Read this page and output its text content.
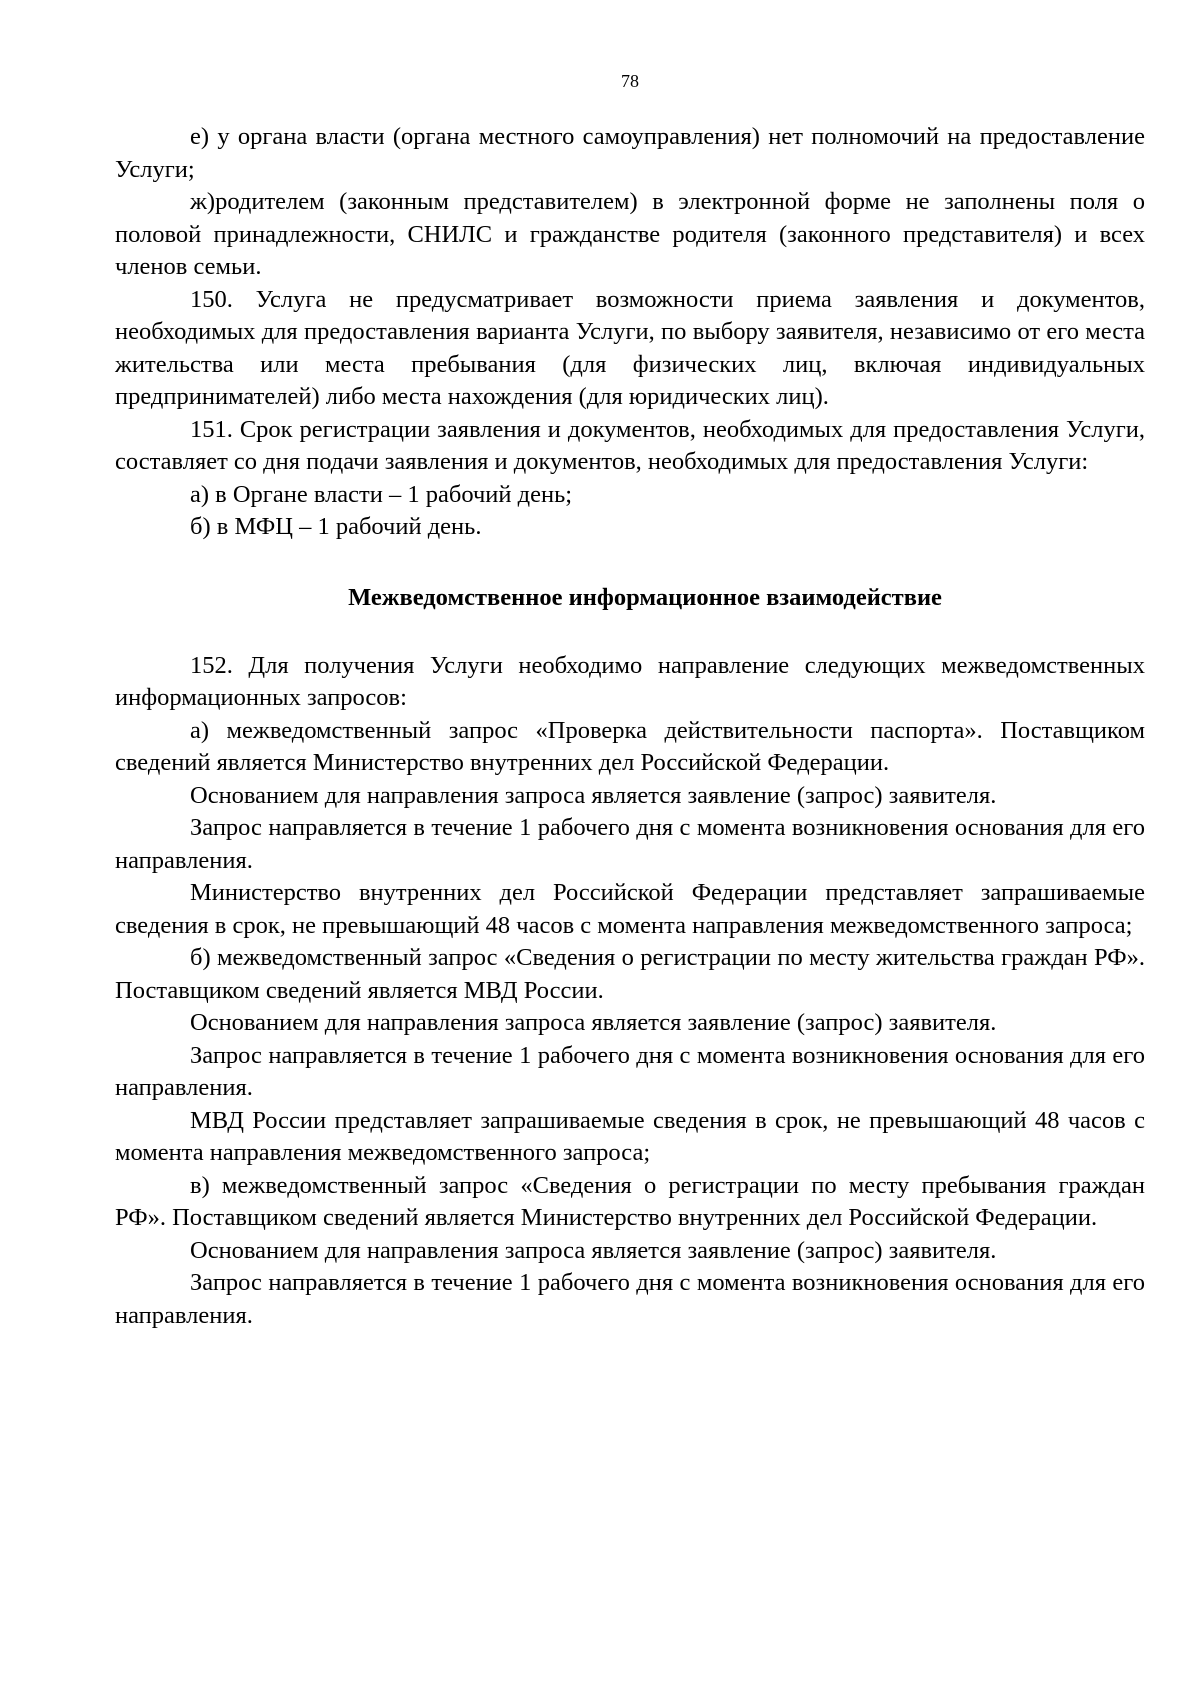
78

е) у органа власти (органа местного самоуправления) нет полномочий на предоставление Услуги;

ж)родителем (законным представителем) в электронной форме не заполнены поля о половой принадлежности, СНИЛС и гражданстве родителя (законного представителя) и всех членов семьи.

150. Услуга не предусматривает возможности приема заявления и документов, необходимых для предоставления варианта Услуги, по выбору заявителя, независимо от его места жительства или места пребывания (для физических лиц, включая индивидуальных предпринимателей) либо места нахождения (для юридических лиц).

151. Срок регистрации заявления и документов, необходимых для предоставления Услуги, составляет со дня подачи заявления и документов, необходимых для предоставления Услуги:

а) в Органе власти – 1 рабочий день;

б) в МФЦ – 1 рабочий день.

Межведомственное информационное взаимодействие

152. Для получения Услуги необходимо направление следующих межведомственных информационных запросов:

а) межведомственный запрос «Проверка действительности паспорта». Поставщиком сведений является Министерство внутренних дел Российской Федерации.

Основанием для направления запроса является заявление (запрос) заявителя.

Запрос направляется в течение 1 рабочего дня с момента возникновения основания для его направления.

Министерство внутренних дел Российской Федерации представляет запрашиваемые сведения в срок, не превышающий 48 часов с момента направления межведомственного запроса;

б) межведомственный запрос «Сведения о регистрации по месту жительства граждан РФ». Поставщиком сведений является МВД России.

Основанием для направления запроса является заявление (запрос) заявителя.

Запрос направляется в течение 1 рабочего дня с момента возникновения основания для его направления.

МВД России представляет запрашиваемые сведения в срок, не превышающий 48 часов с момента направления межведомственного запроса;

в) межведомственный запрос «Сведения о регистрации по месту пребывания граждан РФ». Поставщиком сведений является Министерство внутренних дел Российской Федерации.

Основанием для направления запроса является заявление (запрос) заявителя.

Запрос направляется в течение 1 рабочего дня с момента возникновения основания для его направления.
